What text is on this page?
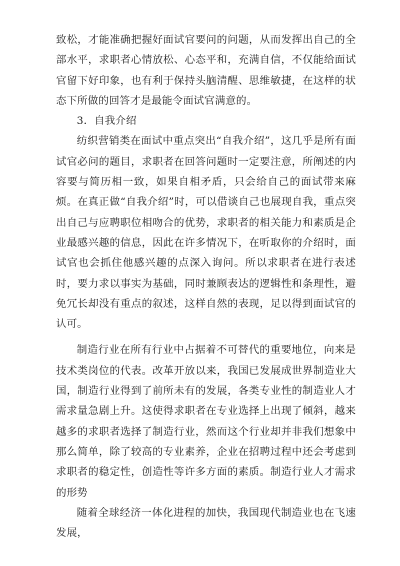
致松，才能准确把握好面试官要问的问题，从而发挥出自己的全部水平，求职者心情放松、心态平和，充满自信，不仅能给面试官留下好印象，也有利于保持头脑清醒、思维敏捷，在这样的状态下所做的回答才是最能令面试官满意的。

3．自我介绍

纺织营销类在面试中重点突出“自我介绍”，这几乎是所有面试官必问的题目，求职者在回答问题时一定要注意，所阐述的内容要与简历相一致，如果自相矛盾，只会给自己的面试带来麻烦。在真正做“自我介绍”时，可以借谈自己也展现自我，重点突出自己与应聘职位相吻合的优势，求职者的相关能力和素质是企业最感兴趣的信息，因此在许多情况下，在听取你的介绍时，面试官也会抓住他感兴趣的点深入询问。所以求职者在进行表述时，要力求以事实为基础，同时兼顾表达的逻辑性和条理性，避免冗长却没有重点的叙述，这样自然的表现，足以得到面试官的认可。

制造行业在所有行业中占据着不可替代的重要地位，向来是技术类岗位的代表。改革开放以来，我国已发展成世界制造业大国，制造行业得到了前所未有的发展，各类专业性的制造业人才需求量急剧上升。这使得求职者在专业选择上出现了倾斜，越来越多的求职者选择了制造行业，然而这个行业却并非我们想象中那么简单，除了较高的专业素养，企业在招聘过程中还会考虑到求职者的稳定性，创造性等许多方面的素质。制造行业人才需求的形势

随着全球经济一体化进程的加快，我国现代制造业也在飞速发展，
